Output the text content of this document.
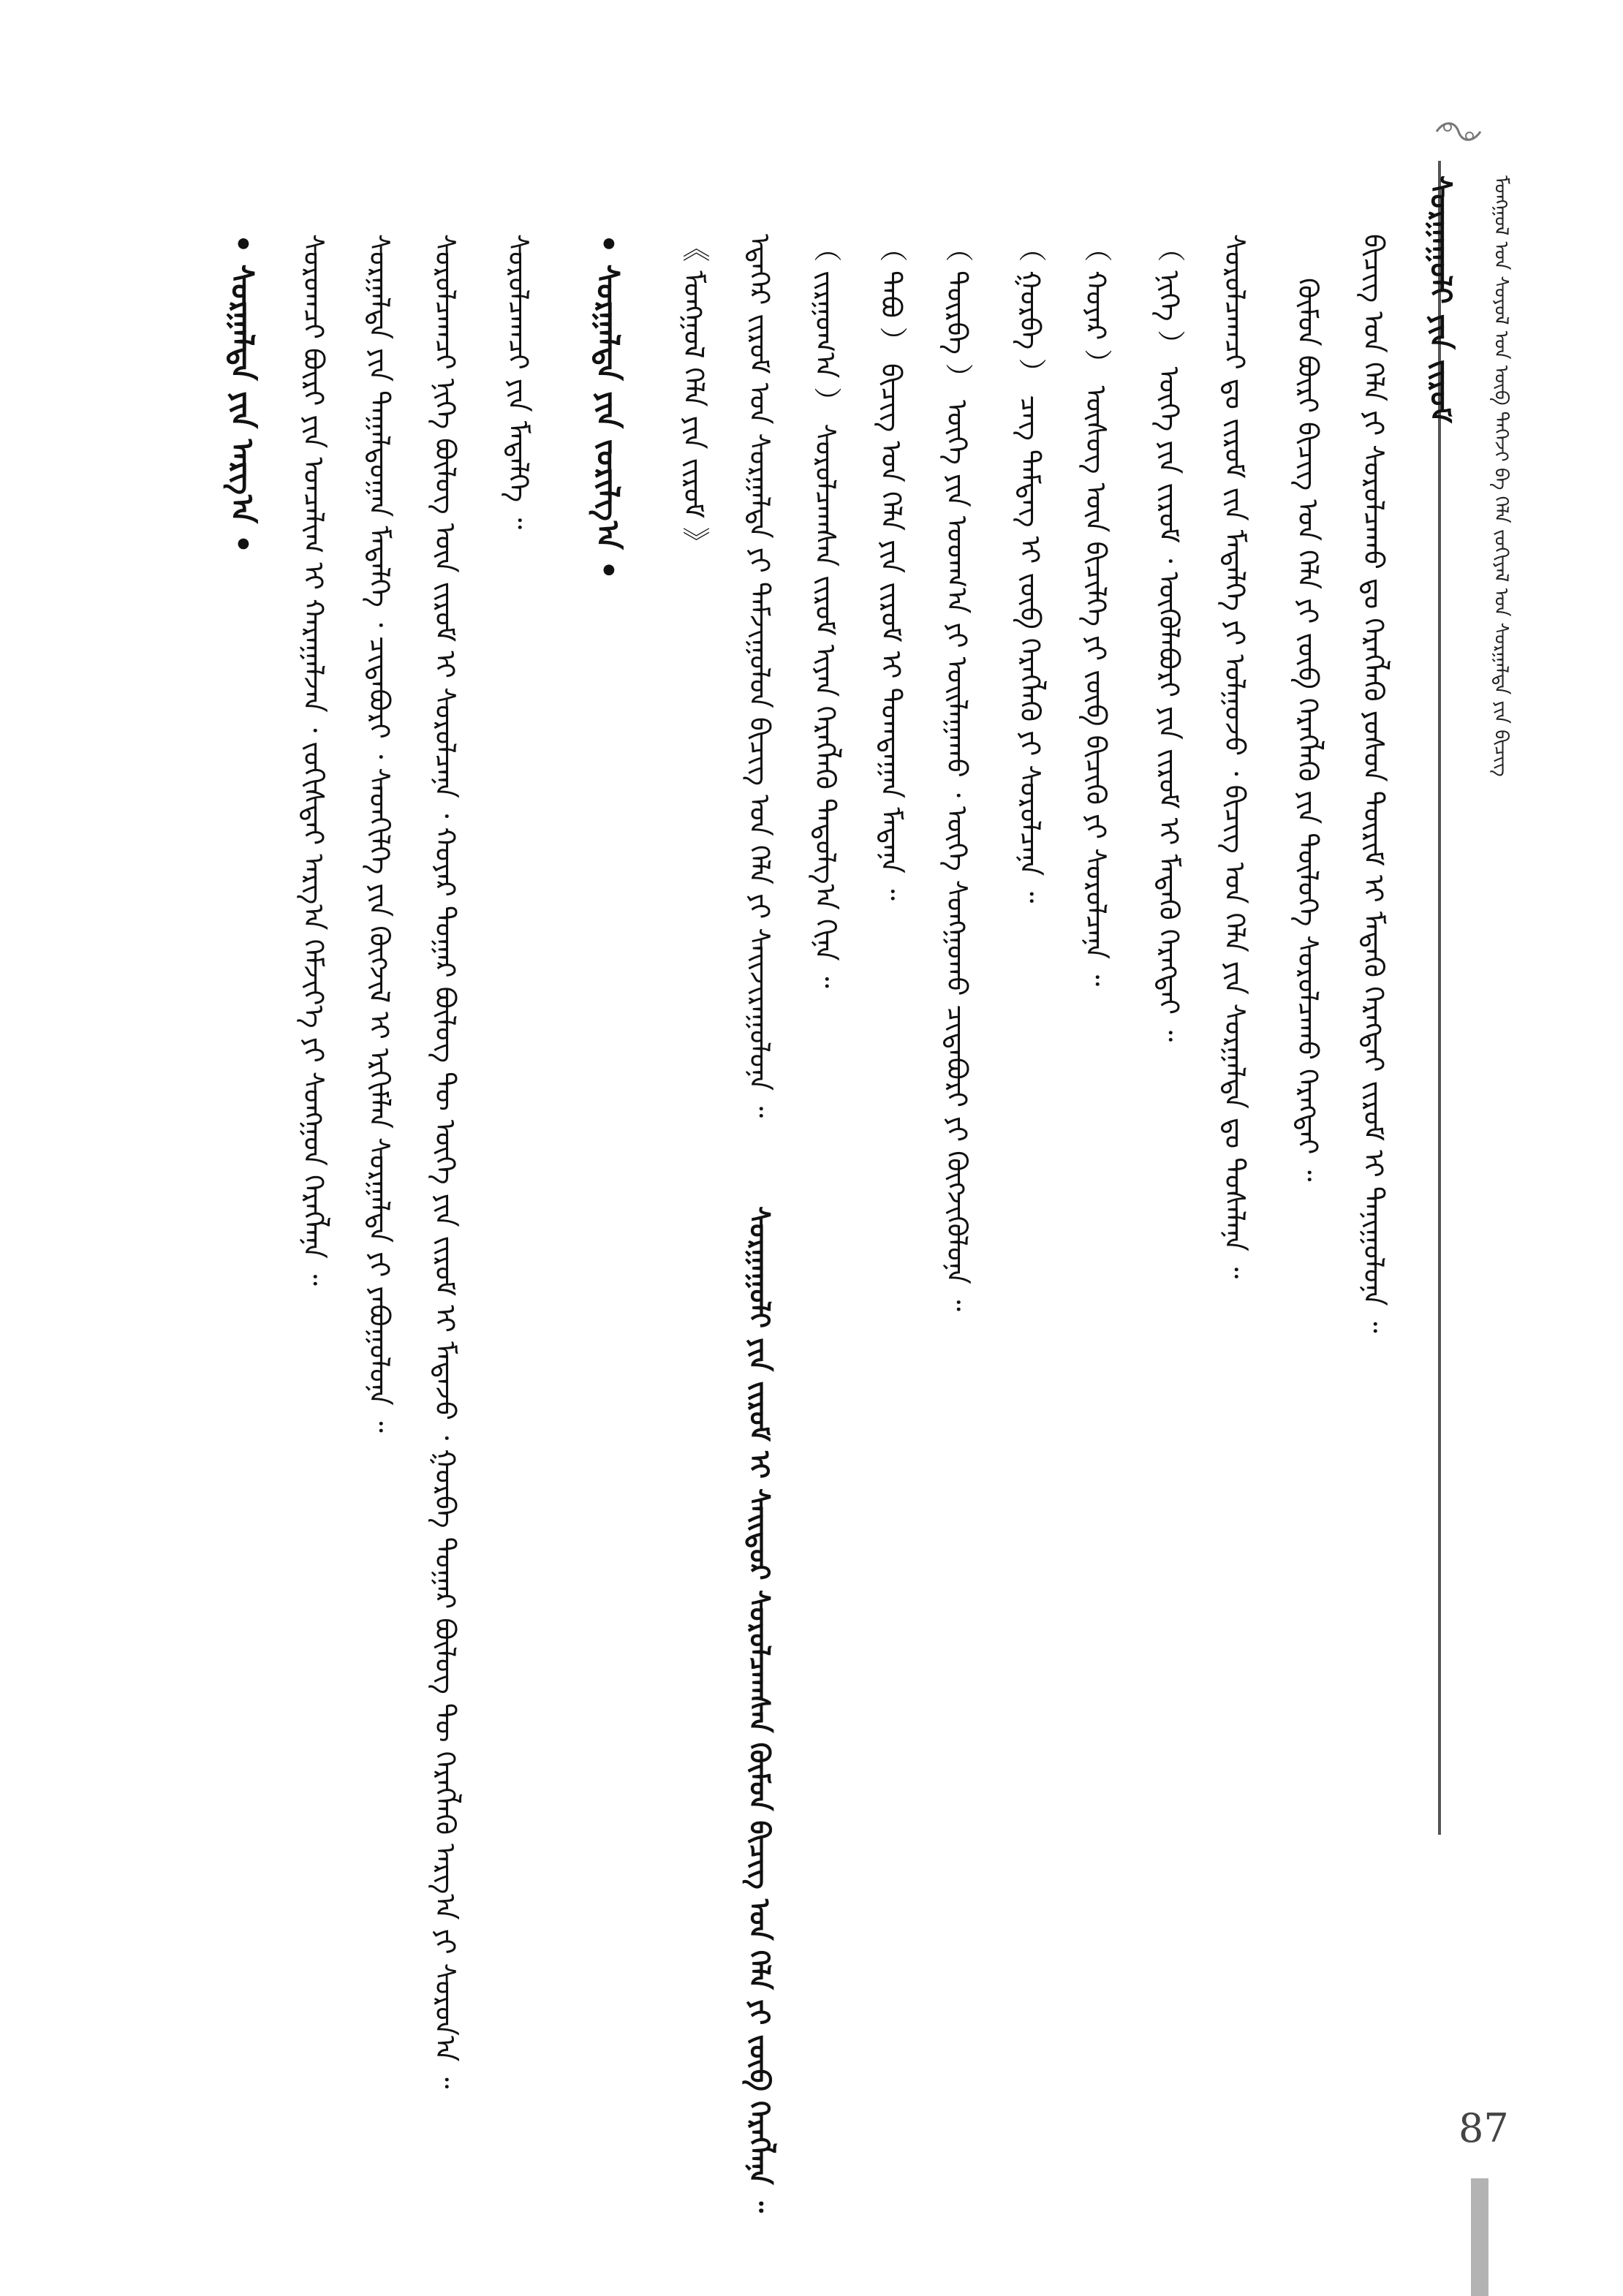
ᠮᠣᠩᠭᠤᠯ ᠤᠨ ᠰᠣᠶᠣᠯ ᠤᠨ ᠦᠪ ᠳᠡᠭᠡᠵᠢ ᠪᠠ ᠬᠡᠯᠡ ᠵᠣᠬᠢᠶᠠᠯ ᠤᠨ ᠰᠤᠷᠭᠠᠯᠲᠠ ᠶᠢᠨ ᠪᠢᠴᠢᠭ
ᠰᠤᠷᠭᠠᠭᠤᠯᠢ ᠶᠢᠨ ᠵᠢᠷᠤᠮ
ᠪᠢᠴᠢᠭ ᠤᠨ ᠬᠡᠯᠡ ᠶᠢ ᠰᠤᠷᠤᠯᠴᠠᠬᠤ ᠳᠤ ᠬᠡᠷᠡᠭᠯᠡᠬᠦ ᠶᠣᠰᠣᠨ ᠳᠦᠷᠢᠮ ᠢ ᠮᠡᠳᠡᠬᠦ ᠬᠡᠷᠡᠭᠲᠡᠢ ᠵᠢᠷᠤᠮ ᠢ ᠲᠠᠨᠢᠭᠤᠯᠤᠨᠠ ᠃
ᠬᠦᠮᠦᠨ ᠪᠦᠷᠢ ᠪᠢᠴᠢᠭ ᠤᠨ ᠬᠡᠯᠡ ᠶᠢ ᠵᠥᠪ ᠬᠡᠷᠡᠭᠯᠡᠬᠦ ᠶᠢᠨ ᠲᠥᠯᠥᠭᠡ ᠰᠤᠷᠤᠯᠴᠠᠬᠤ ᠬᠡᠷᠡᠭᠲᠡᠢ ᠃
ᠰᠤᠷᠤᠯᠴᠠᠭᠴᠢ ᠳᠤ ᠵᠢᠷᠤᠮ ᠵᠢᠨ ᠮᠡᠳᠡᠯᠭᠡ ᠶᠢ ᠣᠯᠭᠤᠵᠤ ᠂ ᠪᠢᠴᠢᠭ ᠤᠨ ᠬᠡᠯᠡ ᠶᠢᠨ ᠰᠤᠷᠭᠠᠯᠲᠠ ᠳᠤ ᠲᠤᠰᠠᠯᠠᠨᠠ ᠃
（ ᠨᠢᠭᠡ ） ᠦᠭᠡ ᠶᠢᠨ ᠵᠢᠷᠤᠮ ᠂ ᠦᠭᠦᠯᠡᠪᠦᠷᠢ ᠶᠢᠨ ᠵᠢᠷᠤᠮ ᠢ ᠮᠡᠳᠡᠬᠦ ᠬᠡᠷᠡᠭᠲᠡᠢ ᠃
（ ᠬᠣᠶᠠᠷ ） ᠦᠰᠦᠭ ᠦᠨ ᠪᠢᠴᠢᠯᠭᠡ ᠶᠢ ᠵᠥᠪ ᠪᠢᠴᠢᠬᠦ ᠶᠢ ᠰᠤᠷᠤᠯᠴᠠᠨᠠ ᠃
（ ᠭᠤᠷᠪᠠ ） ᠴᠡᠭ ᠲᠡᠮᠳᠡᠭ ᠢ ᠵᠥᠪ ᠬᠡᠷᠡᠭᠯᠡᠬᠦ ᠶᠢ ᠰᠤᠷᠤᠯᠴᠠᠨᠠ ᠃
（ ᠳᠥᠷᠪᠡ ） ᠦᠭᠡ ᠶᠢᠨ ᠤᠳᠬ᠎ᠠ ᠶᠢ ᠣᠢᠯᠠᠭᠠᠬᠤ ᠂ ᠦᠭᠡ ᠰᠣᠩᠭᠤᠬᠤ ᠴᠢᠳᠠᠪᠤᠷᠢ ᠶᠢ ᠬᠥᠭᠵᠢᠭᠦᠯᠦᠨᠡ ᠃
（ ᠲᠠᠪᠤ ） ᠪᠢᠴᠢᠭ ᠤᠨ ᠬᠡᠯᠡ ᠶᠢᠨ ᠵᠢᠷᠤᠮ ᠢ ᠲᠣᠭᠲᠠᠭᠠᠨ ᠮᠡᠳᠡᠨᠡ ᠃
（ ᠵᠢᠷᠭᠤᠭ᠎ᠠ ） ᠰᠤᠷᠤᠯᠴᠠᠭᠰᠠᠨ ᠵᠢᠷᠤᠮ ᠢᠶᠠᠨ ᠬᠡᠷᠡᠭᠯᠡᠬᠦ ᠳᠠᠳᠤᠯᠭ᠎ᠠ ᠬᠢᠨᠡ ᠃
ᠡᠳᠡᠭᠡᠷ ᠵᠢᠷᠤᠮ ᠤᠨ ᠰᠤᠷᠭᠠᠯᠲᠠ ᠶᠢ ᠳᠠᠮᠵᠢᠭᠤᠯᠤᠨ ᠪᠢᠴᠢᠭ ᠤᠨ ᠬᠡᠯᠡ ᠶᠢ ᠰᠠᠢᠵᠢᠷᠠᠭᠤᠯᠤᠨᠠ ᠃
ᠰᠤᠷᠭᠠᠭᠤᠯᠢ ᠶᠢᠨ ᠵᠢᠷᠤᠮ ᠢ ᠰᠠᠢᠲᠤᠷ ᠰᠤᠷᠤᠯᠴᠠᠭᠰᠠᠨ ᠬᠦᠮᠦᠨ ᠪᠢᠴᠢᠭ ᠤᠨ ᠬᠡᠯᠡ ᠶᠢ ᠵᠥᠪ ᠬᠡᠷᠡᠭᠯᠡᠨᠡ ᠃
《 ᠮᠣᠩᠭᠤᠯ ᠬᠡᠯᠡ ᠶᠢᠨ ᠵᠢᠷᠤᠮ 》
• ᠰᠤᠷᠭᠠᠯᠲᠠ ᠶᠢᠨ ᠵᠣᠷᠢᠯᠭ᠎ᠠ •
ᠰᠤᠷᠤᠯᠴᠠᠭᠴᠢ ᠶᠢᠨ ᠮᠡᠳᠡᠯᠭᠡ ᠃
ᠰᠤᠷᠤᠯᠴᠠᠭᠴᠢ ᠨᠢᠭᠡ ᠪᠦᠯᠦᠭ ᠦᠨ ᠵᠢᠷᠤᠮ ᠢ ᠰᠤᠷᠤᠯᠴᠠᠨᠠ ᠂ ᠬᠣᠶᠠᠷ ᠳᠤᠭᠠᠷ ᠪᠦᠯᠦᠭ ᠲᠦ ᠦᠭᠡ ᠶᠢᠨ ᠵᠢᠷᠤᠮ ᠢ ᠮᠡᠳᠡᠵᠦ ᠂ ᠭᠤᠷᠪᠠ ᠳᠤᠭᠠᠷ ᠪᠦᠯᠦᠭ ᠲᠦ ᠬᠡᠷᠡᠭᠯᠡᠬᠦ ᠠᠷᠭ᠎ᠠ ᠶᠢ ᠰᠤᠷᠤᠨ᠎ᠠ ᠃
ᠰᠤᠷᠭᠠᠯᠲᠠ ᠶᠢᠨ ᠳᠠᠭᠠᠯᠳᠤᠭᠠᠨ ᠮᠡᠳᠡᠯᠭᠡ ᠂ ᠴᠢᠳᠠᠪᠤᠷᠢ ᠂ ᠰᠡᠳᠬᠢᠯᠭᠡ ᠶᠢᠨ ᠬᠥᠭᠵᠢᠯ ᠢ ᠡᠷᠬᠢᠮᠯᠡᠨ ᠰᠤᠷᠭᠠᠯᠲᠠ ᠶᠢ ᠶᠠᠪᠤᠭᠤᠯᠤᠨᠠ ᠃
ᠰᠤᠷᠤᠭᠴᠢ ᠪᠦᠷᠢ ᠶᠢᠨ ᠣᠨᠴᠠᠯᠢᠭ ᠢ ᠬᠠᠷᠠᠭᠠᠯᠵᠠᠨ ᠂ ᠵᠣᠬᠢᠰᠲᠠᠢ ᠠᠷᠭ᠎ᠠ ᠬᠡᠮᠵᠢᠶ᠎ᠡ ᠶᠢ ᠰᠣᠩᠭᠤᠨ ᠬᠡᠷᠡᠭᠯᠡᠨᠡ ᠃
• ᠰᠤᠷᠭᠠᠯᠲᠠ ᠶᠢᠨ ᠠᠷᠭ᠎ᠠ •
87
